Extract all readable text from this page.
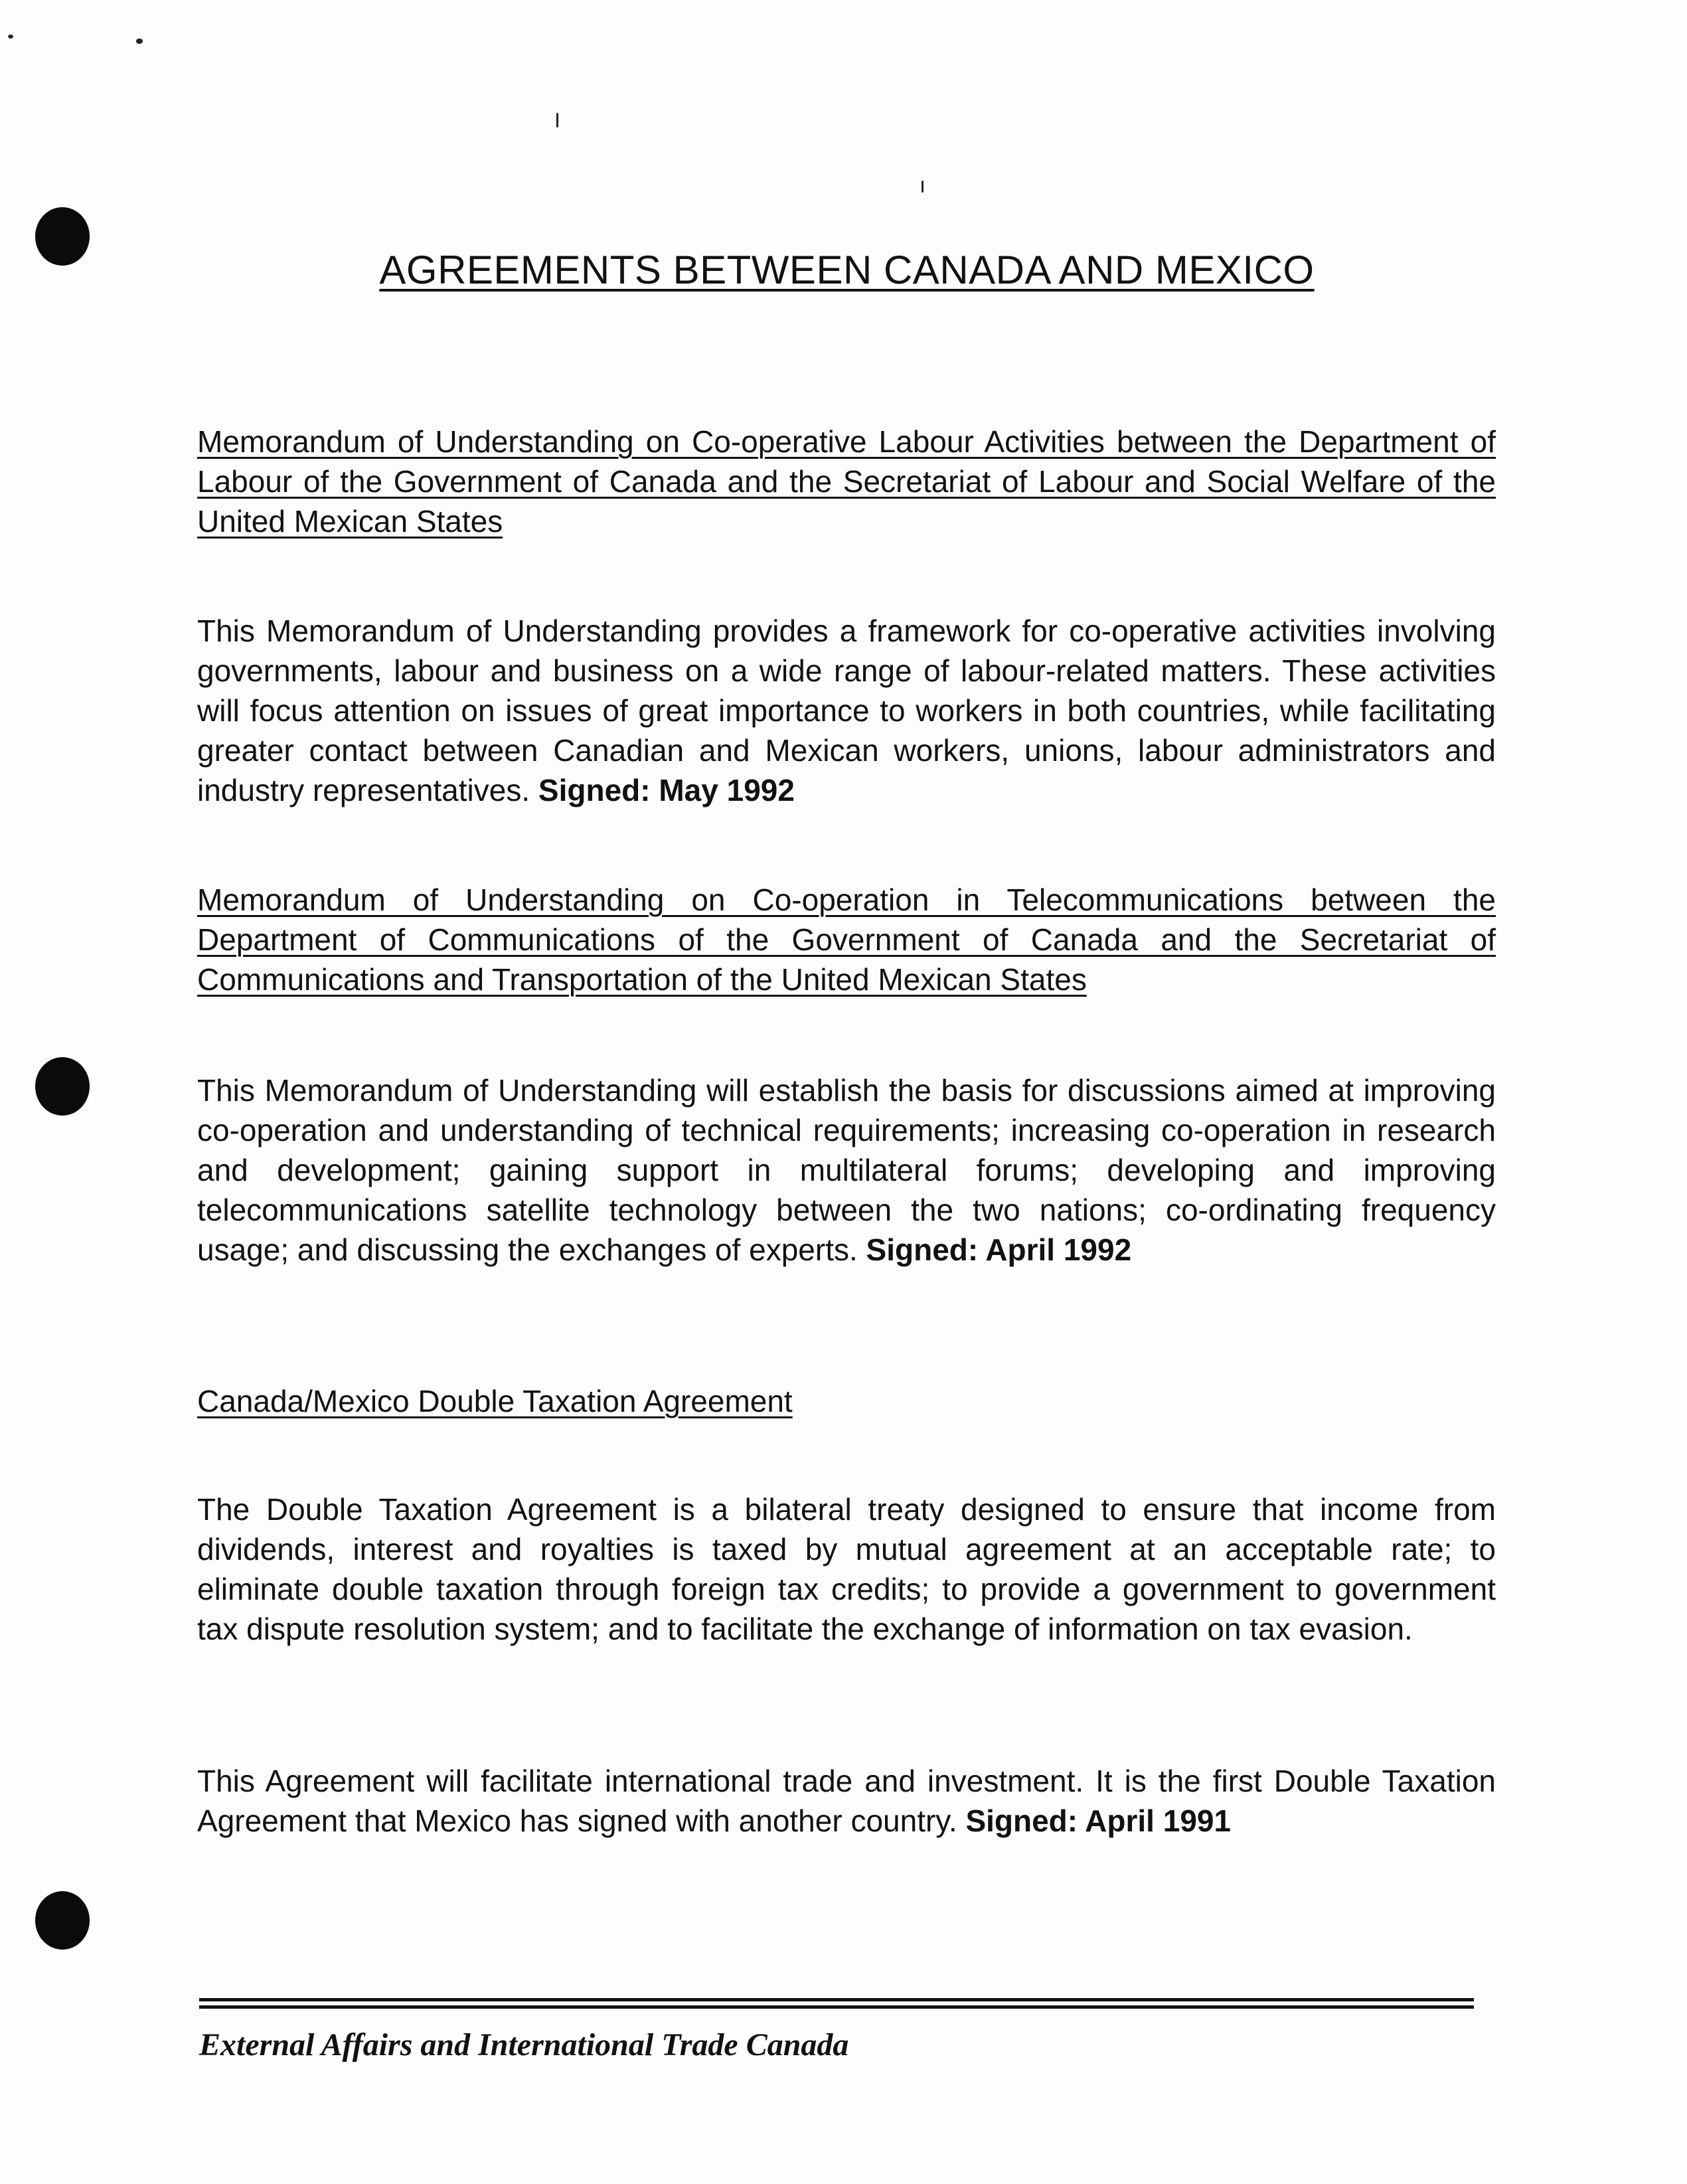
AGREEMENTS BETWEEN CANADA AND MEXICO
Memorandum of Understanding on Co-operative Labour Activities between the Department of Labour of the Government of Canada and the Secretariat of Labour and Social Welfare of the United Mexican States
This Memorandum of Understanding provides a framework for co-operative activities involving governments, labour and business on a wide range of labour-related matters. These activities will focus attention on issues of great importance to workers in both countries, while facilitating greater contact between Canadian and Mexican workers, unions, labour administrators and industry representatives. Signed: May 1992
Memorandum of Understanding on Co-operation in Telecommunications between the Department of Communications of the Government of Canada and the Secretariat of Communications and Transportation of the United Mexican States
This Memorandum of Understanding will establish the basis for discussions aimed at improving co-operation and understanding of technical requirements; increasing co-operation in research and development; gaining support in multilateral forums; developing and improving telecommunications satellite technology between the two nations; co-ordinating frequency usage; and discussing the exchanges of experts. Signed: April 1992
Canada/Mexico Double Taxation Agreement
The Double Taxation Agreement is a bilateral treaty designed to ensure that income from dividends, interest and royalties is taxed by mutual agreement at an acceptable rate; to eliminate double taxation through foreign tax credits; to provide a government to government tax dispute resolution system; and to facilitate the exchange of information on tax evasion.
This Agreement will facilitate international trade and investment. It is the first Double Taxation Agreement that Mexico has signed with another country. Signed: April 1991
External Affairs and International Trade Canada
